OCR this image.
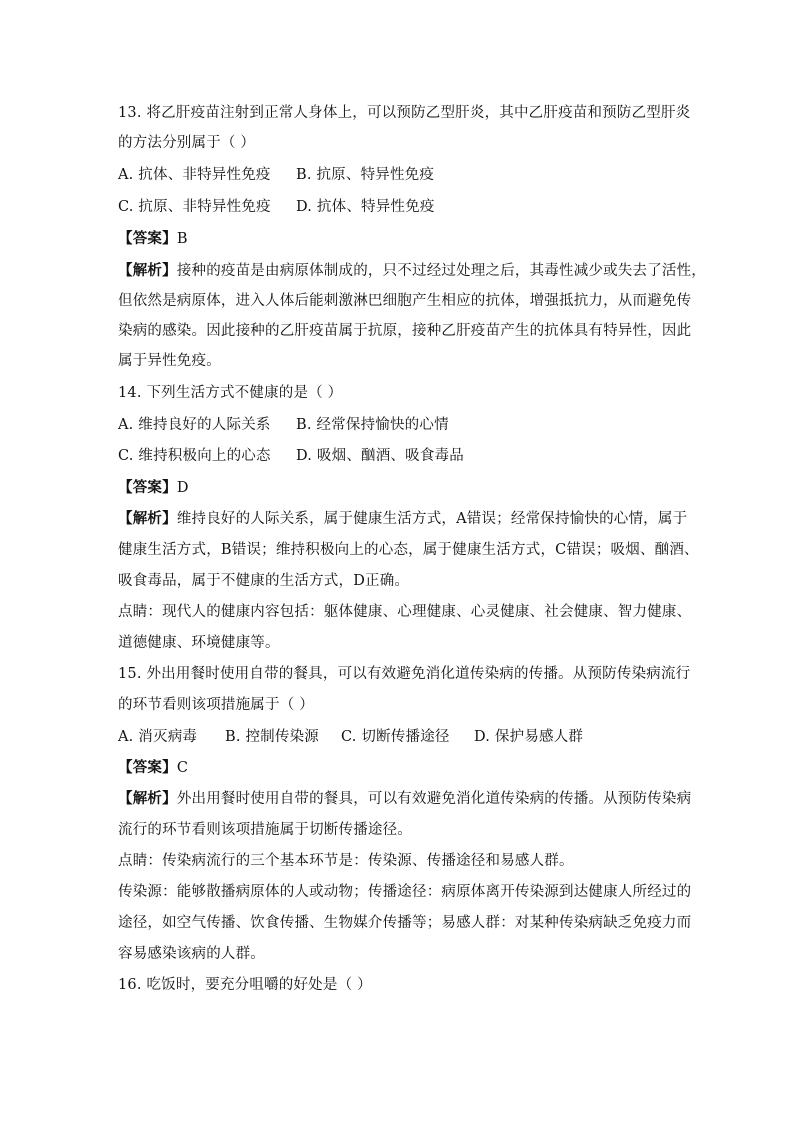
13. 将乙肝疫苗注射到正常人身体上，可以预防乙型肝炎，其中乙肝疫苗和预防乙型肝炎
的方法分别属于（ ）
A. 抗体、非特异性免疫 B. 抗原、特异性免疫
C. 抗原、非特异性免疫 D. 抗体、特异性免疫
【答案】B
【解析】接种的疫苗是由病原体制成的，只不过经过处理之后，其毒性减少或失去了活性，
但依然是病原体，进入人体后能刺激淋巴细胞产生相应的抗体，增强抵抗力，从而避免传
染病的感染。因此接种的乙肝疫苗属于抗原，接种乙肝疫苗产生的抗体具有特异性，因此
属于异性免疫。
14. 下列生活方式不健康的是（ ）
A. 维持良好的人际关系 B. 经常保持愉快的心情
C. 维持积极向上的心态 D. 吸烟、酗酒、吸食毒品
【答案】D
【解析】维持良好的人际关系，属于健康生活方式，A错误；经常保持愉快的心情，属于
健康生活方式，B错误；维持积极向上的心态，属于健康生活方式，C错误；吸烟、酗酒、
吸食毒品，属于不健康的生活方式，D正确。
点睛：现代人的健康内容包括：躯体健康、心理健康、心灵健康、社会健康、智力健康、
道德健康、环境健康等。
15. 外出用餐时使用自带的餐具，可以有效避免消化道传染病的传播。从预防传染病流行
的环节看则该项措施属于（ ）
A. 消灭病毒 B. 控制传染源 C. 切断传播途径 D. 保护易感人群
【答案】C
【解析】外出用餐时使用自带的餐具，可以有效避免消化道传染病的传播。从预防传染病
流行的环节看则该项措施属于切断传播途径。
点睛：传染病流行的三个基本环节是：传染源、传播途径和易感人群。
传染源：能够散播病原体的人或动物；传播途径：病原体离开传染源到达健康人所经过的
途径，如空气传播、饮食传播、生物媒介传播等；易感人群：对某种传染病缺乏免疫力而
容易感染该病的人群。
16. 吃饭时，要充分咀嚼的好处是（ ）
